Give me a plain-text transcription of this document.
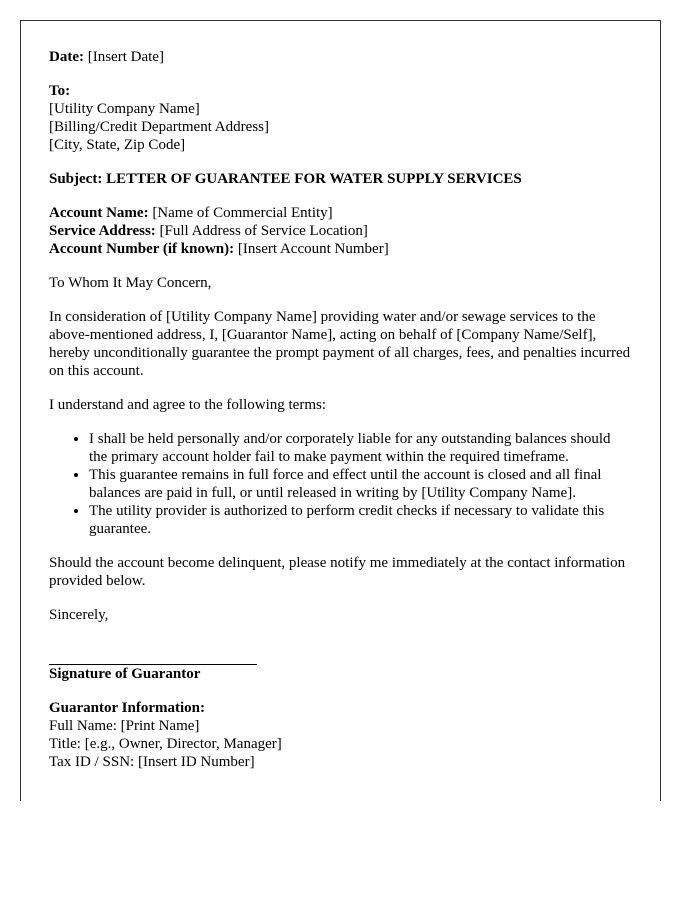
Date: [Insert Date]

To:
[Utility Company Name]
[Billing/Credit Department Address]
[City, State, Zip Code]

Subject: LETTER OF GUARANTEE FOR WATER SUPPLY SERVICES

Account Name: [Name of Commercial Entity]
Service Address: [Full Address of Service Location]
Account Number (if known): [Insert Account Number]

To Whom It May Concern,

In consideration of [Utility Company Name] providing water and/or sewage services to the above-mentioned address, I, [Guarantor Name], acting on behalf of [Company Name/Self], hereby unconditionally guarantee the prompt payment of all charges, fees, and penalties incurred on this account.

I understand and agree to the following terms:

• I shall be held personally and/or corporately liable for any outstanding balances should the primary account holder fail to make payment within the required timeframe.
• This guarantee remains in full force and effect until the account is closed and all final balances are paid in full, or until released in writing by [Utility Company Name].
• The utility provider is authorized to perform credit checks if necessary to validate this guarantee.

Should the account become delinquent, please notify me immediately at the contact information provided below.

Sincerely,

Signature of Guarantor

Guarantor Information:
Full Name: [Print Name]
Title: [e.g., Owner, Director, Manager]
Tax ID / SSN: [Insert ID Number]
